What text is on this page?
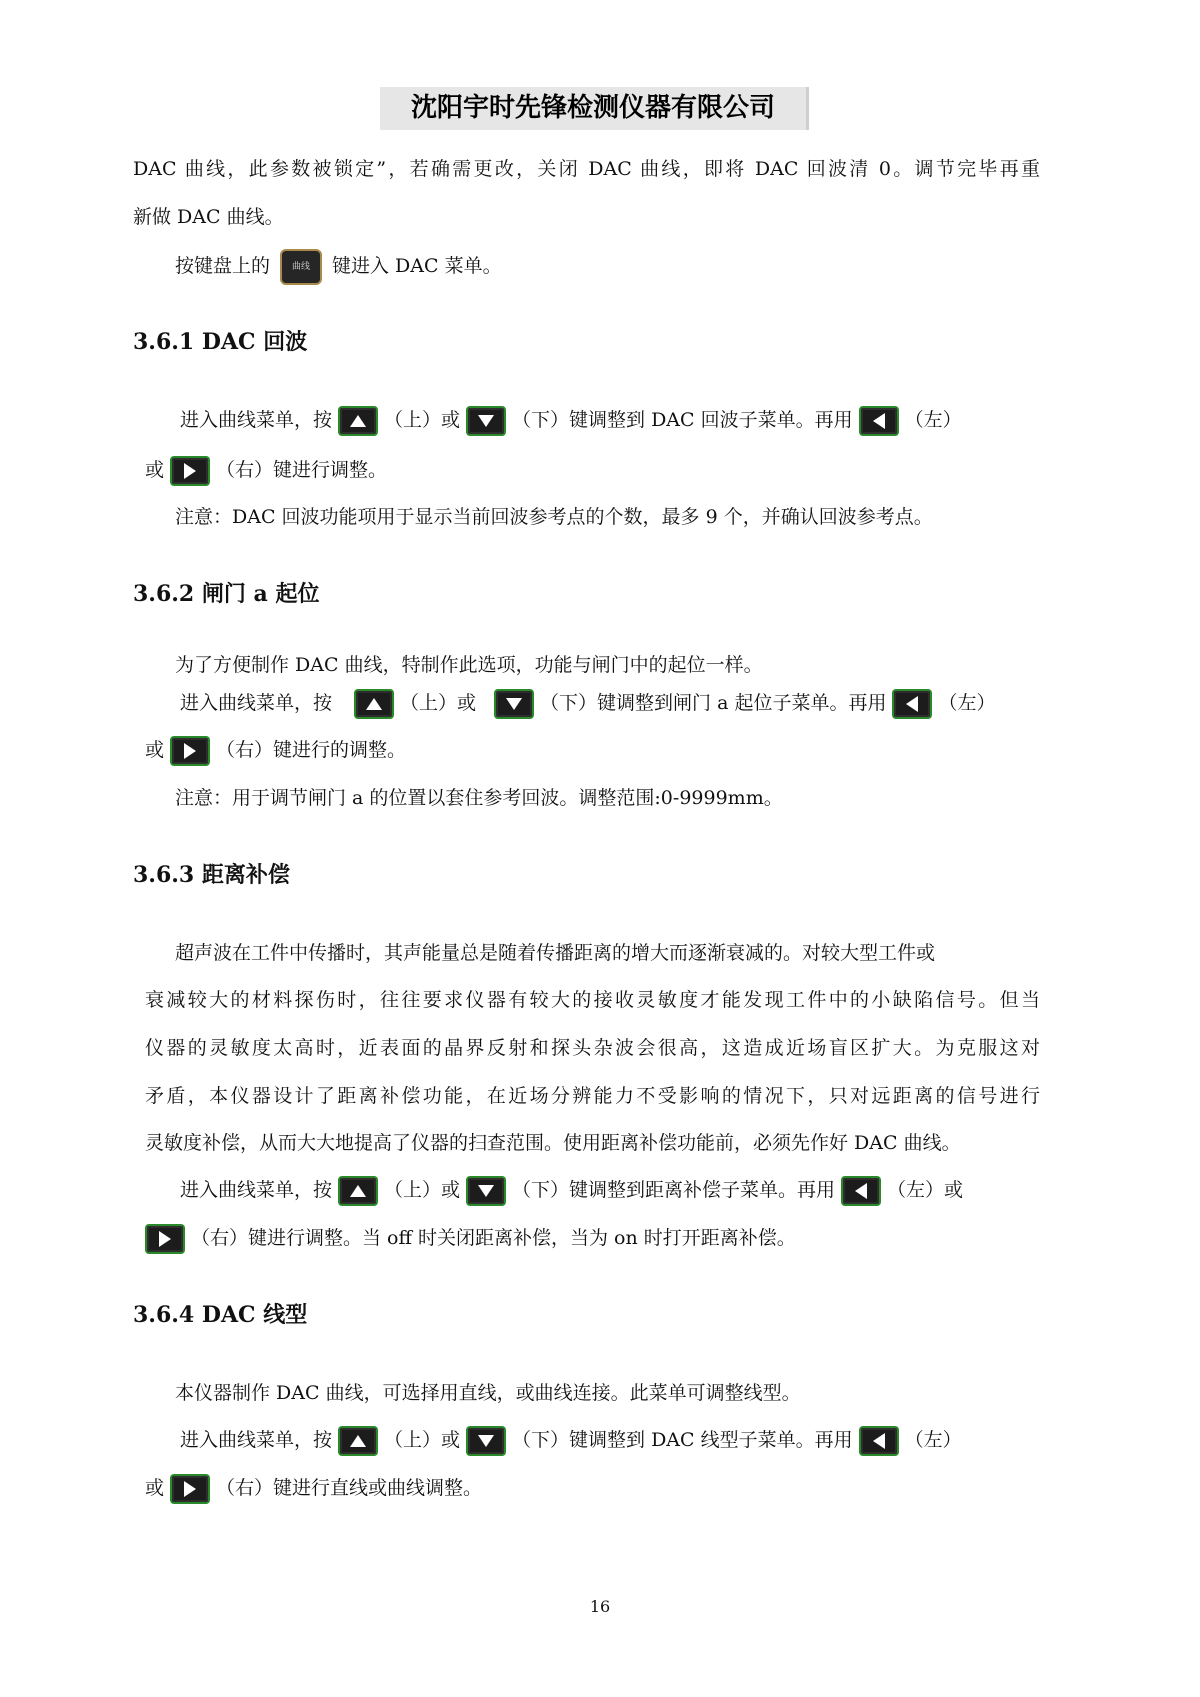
沈阳宇时先锋检测仪器有限公司
DAC 曲线，此参数被锁定”，若确需更改，关闭 DAC 曲线，即将 DAC 回波清 0。调节完毕再重
新做 DAC 曲线。
按键盘上的 曲线 键进入 DAC 菜单。
3.6.1 DAC 回波
进入曲线菜单，按	（上）或	（下）键调整到 DAC 回波子菜单。再用	（左）
或	（右）键进行调整。
注意：DAC 回波功能项用于显示当前回波参考点的个数，最多 9 个，并确认回波参考点。
3.6.2 闸门 a 起位
为了方便制作 DAC 曲线，特制作此选项，功能与闸门中的起位一样。
进入曲线菜单，按	（上）或	（下）键调整到闸门 a 起位子菜单。再用	（左）
或	（右）键进行的调整。
注意：用于调节闸门 a 的位置以套住参考回波。调整范围:0-9999mm。
3.6.3 距离补偿
超声波在工件中传播时，其声能量总是随着传播距离的增大而逐渐衰减的。对较大型工件或
衰减较大的材料探伤时，往往要求仪器有较大的接收灵敏度才能发现工件中的小缺陷信号。但当
仪器的灵敏度太高时，近表面的晶界反射和探头杂波会很高，这造成近场盲区扩大。为克服这对
矛盾，本仪器设计了距离补偿功能，在近场分辨能力不受影响的情况下，只对远距离的信号进行
灵敏度补偿，从而大大地提高了仪器的扫查范围。使用距离补偿功能前，必须先作好 DAC 曲线。
进入曲线菜单，按	（上）或	（下）键调整到距离补偿子菜单。再用	（左）或
（右）键进行调整。当 off 时关闭距离补偿，当为 on 时打开距离补偿。
3.6.4 DAC 线型
本仪器制作 DAC 曲线，可选择用直线，或曲线连接。此菜单可调整线型。
进入曲线菜单，按	（上）或	（下）键调整到 DAC 线型子菜单。再用	（左）
或	（右）键进行直线或曲线调整。
16
